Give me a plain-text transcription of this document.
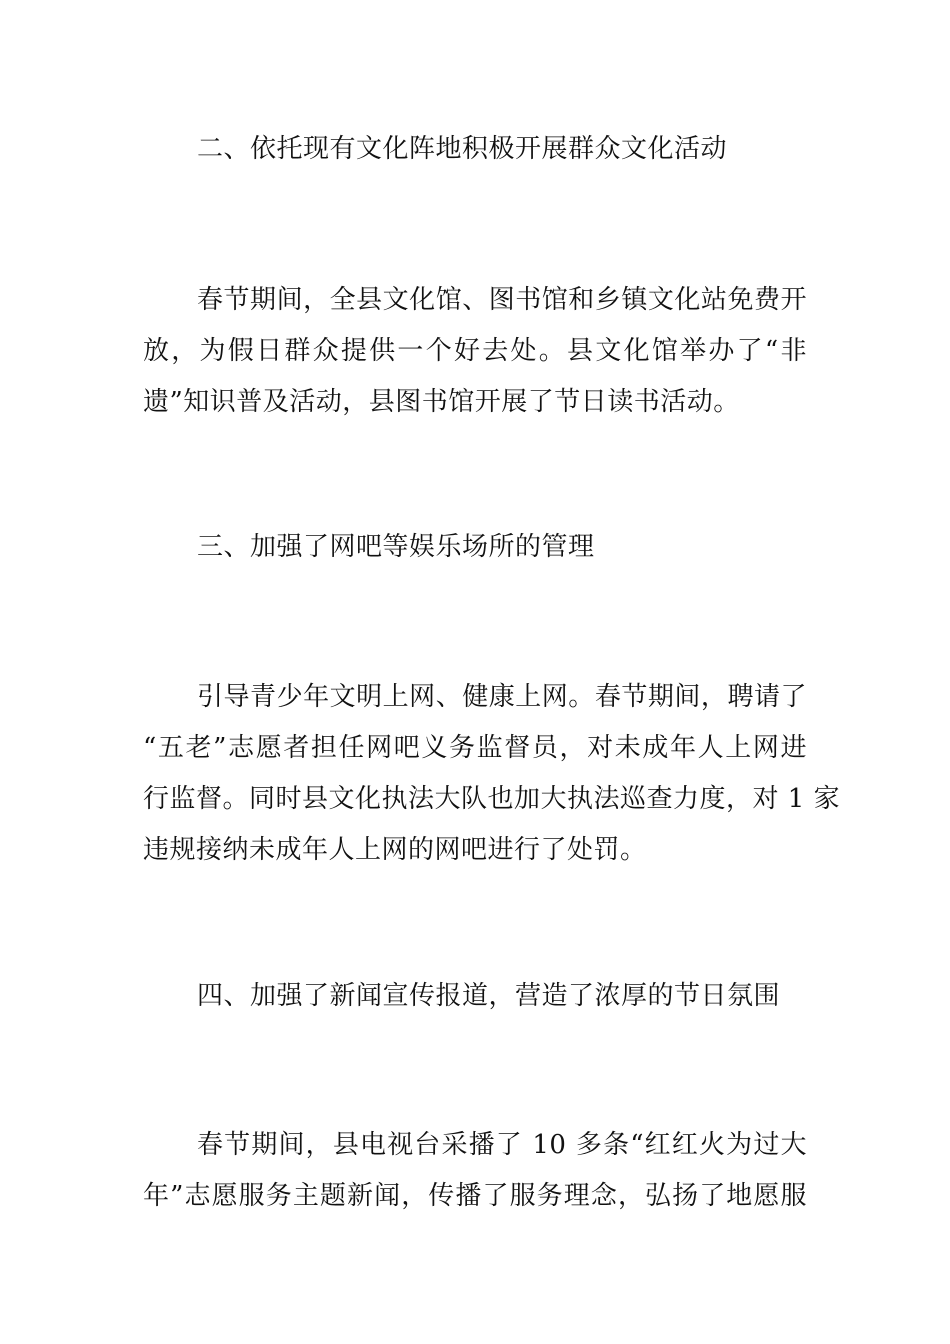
二、依托现有文化阵地积极开展群众文化活动
春节期间，全县文化馆、图书馆和乡镇文化站免费开
放，为假日群众提供一个好去处。县文化馆举办了“非
遗”知识普及活动，县图书馆开展了节日读书活动。
三、加强了网吧等娱乐场所的管理
引导青少年文明上网、健康上网。春节期间，聘请了
“五老”志愿者担任网吧义务监督员，对未成年人上网进
行监督。同时县文化执法大队也加大执法巡查力度，对 1 家
违规接纳未成年人上网的网吧进行了处罚。
四、加强了新闻宣传报道，营造了浓厚的节日氛围
春节期间，县电视台采播了 10 多条“红红火为过大
年”志愿服务主题新闻，传播了服务理念，弘扬了地愿服
